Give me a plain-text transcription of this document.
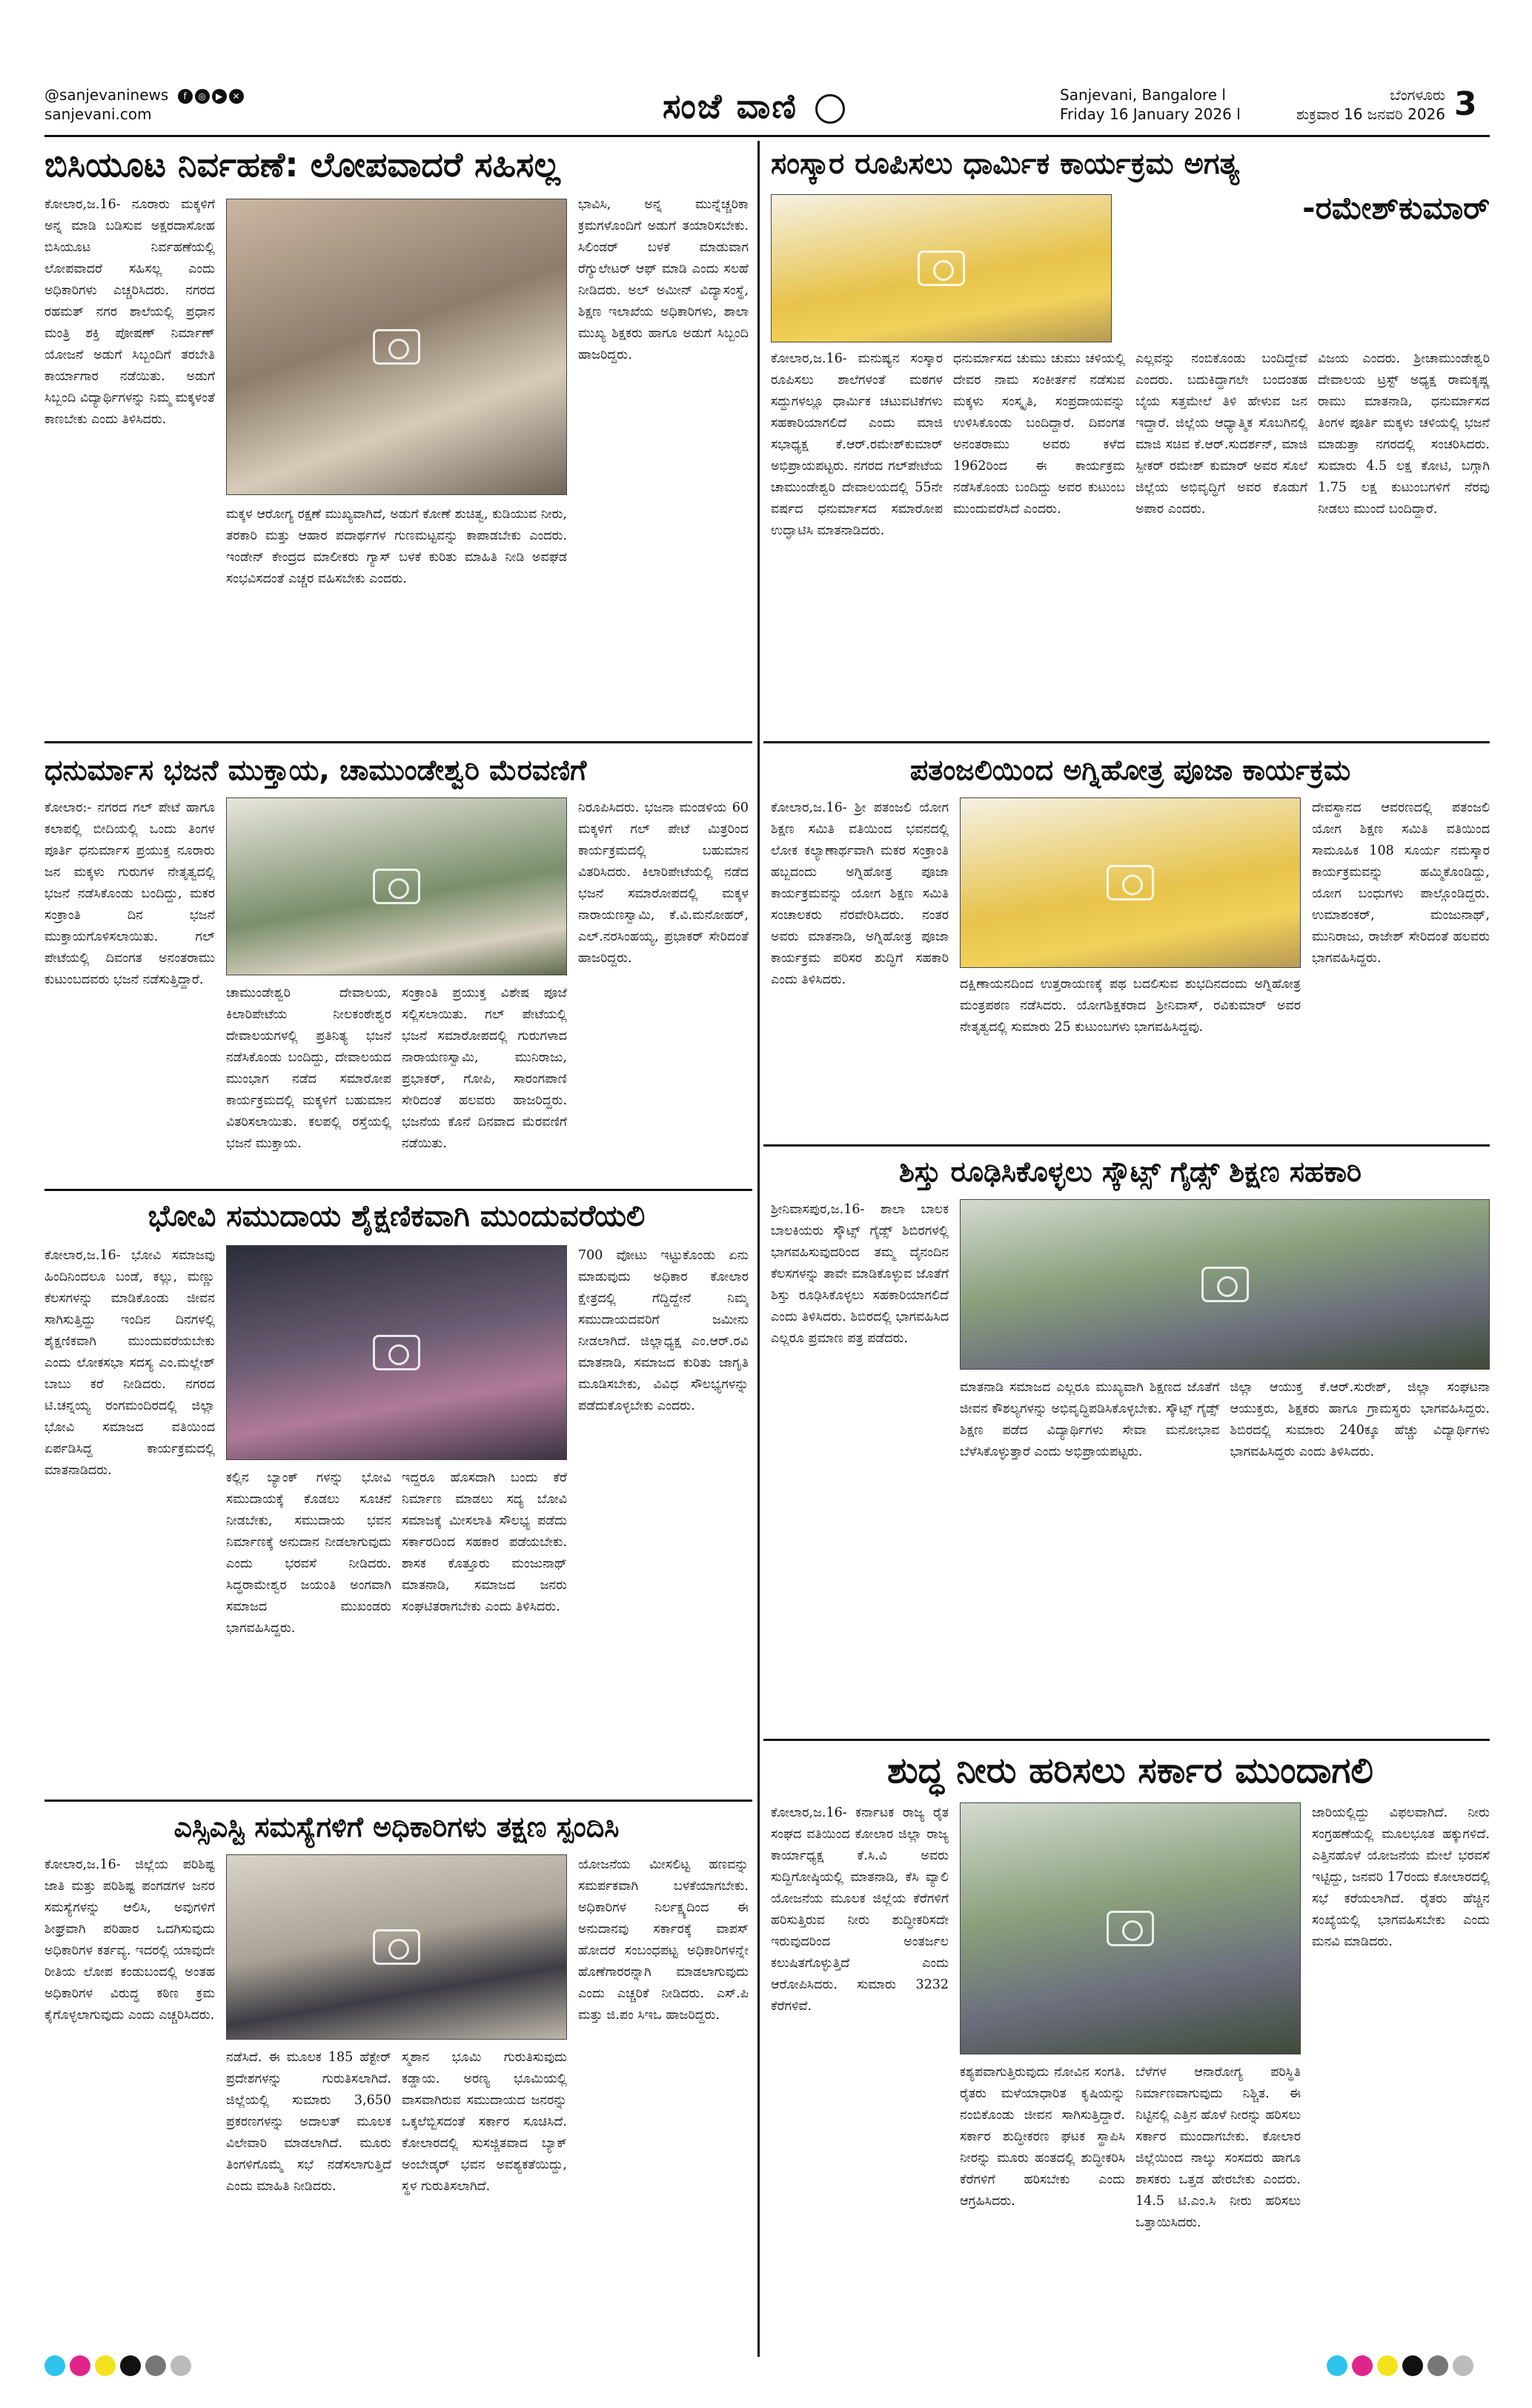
@sanjevaninews f ◎ ▶ ✕
sanjevani.com	ಸಂಜೆ ವಾಣಿ	Sanjevani, Bangalore l	ಬೆಂಗಳೂರು
Friday 16 January 2026 l	ಶುಕ್ರವಾರ 16 ಜನವರಿ 2026 3
ಬಿಸಿಯೂಟ ನಿರ್ವಹಣೆ: ಲೋಪವಾದರೆ ಸಹಿಸಲ್ಲ
ಕೋಲಾರ,ಜ.16- ನೂರಾರು ಮಕ್ಕಳಿಗೆ ಅನ್ನ ಮಾಡಿ ಬಡಿಸುವ ಅಕ್ಷರದಾಸೋಹ ಬಿಸಿಯೂಟ ನಿರ್ವಹಣೆಯಲ್ಲಿ ಲೋಪವಾದರೆ ಸಹಿಸಲ್ಲ ಎಂದು ಅಧಿಕಾರಿಗಳು ಎಚ್ಚರಿಸಿದರು. ನಗರದ ರಹಮತ್ ನಗರ ಶಾಲೆಯಲ್ಲಿ ಪ್ರಧಾನ ಮಂತ್ರಿ ಶಕ್ತಿ ಪೋಷಣ್ ನಿರ್ಮಾಣ್ ಯೋಜನೆ ಅಡುಗೆ ಸಿಬ್ಬಂದಿಗೆ ತರಬೇತಿ ಕಾರ್ಯಾಗಾರ ನಡೆಯಿತು. ಅಡುಗೆ ಸಿಬ್ಬಂದಿ ವಿದ್ಯಾರ್ಥಿಗಳನ್ನು ನಿಮ್ಮ ಮಕ್ಕಳಂತೆ ಕಾಣಬೇಕು ಎಂದು ತಿಳಿಸಿದರು.
ಮಕ್ಕಳ ಆರೋಗ್ಯ ರಕ್ಷಣೆ ಮುಖ್ಯವಾಗಿದೆ, ಅಡುಗೆ ಕೋಣೆ ಶುಚಿತ್ವ, ಕುಡಿಯುವ ನೀರು, ತರಕಾರಿ ಮತ್ತು ಆಹಾರ ಪದಾರ್ಥಗಳ ಗುಣಮಟ್ಟವನ್ನು ಕಾಪಾಡಬೇಕು ಎಂದರು. ಇಂಡೇನ್ ಕೇಂದ್ರದ ಮಾಲೀಕರು ಗ್ಯಾಸ್ ಬಳಕೆ ಕುರಿತು ಮಾಹಿತಿ ನೀಡಿ ಅವಘಡ ಸಂಭವಿಸದಂತೆ ಎಚ್ಚರ ವಹಿಸಬೇಕು ಎಂದರು.
ಭಾವಿಸಿ, ಅನ್ನ ಮುನ್ನೆಚ್ಚರಿಕಾ ಕ್ರಮಗಳೊಂದಿಗೆ ಅಡುಗೆ ತಯಾರಿಸಬೇಕು. ಸಿಲಿಂಡರ್ ಬಳಕೆ ಮಾಡುವಾಗ ರೆಗ್ಯುಲೇಟರ್ ಆಫ್ ಮಾಡಿ ಎಂದು ಸಲಹೆ ನೀಡಿದರು. ಅಲ್ ಅಮೀನ್ ವಿದ್ಯಾಸಂಸ್ಥೆ, ಶಿಕ್ಷಣ ಇಲಾಖೆಯ ಅಧಿಕಾರಿಗಳು, ಶಾಲಾ ಮುಖ್ಯ ಶಿಕ್ಷಕರು ಹಾಗೂ ಅಡುಗೆ ಸಿಬ್ಬಂದಿ ಹಾಜರಿದ್ದರು.
ಸಂಸ್ಕಾರ ರೂಪಿಸಲು ಧಾರ್ಮಿಕ ಕಾರ್ಯಕ್ರಮ ಅಗತ್ಯ
-ರಮೇಶ್‌ಕುಮಾರ್
ಕೋಲಾರ,ಜ.16- ಮನುಷ್ಯನ ಸಂಸ್ಕಾರ ರೂಪಿಸಲು ಶಾಲೆಗಳಂತೆ ಮಠಗಳ ಸದ್ದುಗಳಲ್ಲೂ ಧಾರ್ಮಿಕ ಚಟುವಟಿಕೆಗಳು ಸಹಕಾರಿಯಾಗಲಿದೆ ಎಂದು ಮಾಜಿ ಸಭಾಧ್ಯಕ್ಷ ಕೆ.ಆರ್.ರಮೇಶ್‌ಕುಮಾರ್ ಅಭಿಪ್ರಾಯಪಟ್ಟರು. ನಗರದ ಗಲ್‌ಪೇಟೆಯ ಚಾಮುಂಡೇಶ್ವರಿ ದೇವಾಲಯದಲ್ಲಿ 55ನೇ ವರ್ಷದ ಧನುರ್ಮಾಸದ ಸಮಾರೋಪ ಉದ್ಘಾಟಿಸಿ ಮಾತನಾಡಿದರು.
ಧನುರ್ಮಾಸದ ಚುಮು ಚುಮು ಚಳಿಯಲ್ಲಿ ದೇವರ ನಾಮ ಸಂಕೀರ್ತನೆ ನಡೆಸುವ ಮಕ್ಕಳು ಸಂಸ್ಕೃತಿ, ಸಂಪ್ರದಾಯವನ್ನು ಉಳಿಸಿಕೊಂಡು ಬಂದಿದ್ದಾರೆ. ದಿವಂಗತ ಅನಂತರಾಮು ಅವರು ಕಳೆದ 1962ರಿಂದ ಈ ಕಾರ್ಯಕ್ರಮ ನಡೆಸಿಕೊಂಡು ಬಂದಿದ್ದು ಅವರ ಕುಟುಂಬ ಮುಂದುವರೆಸಿದೆ ಎಂದರು.
ಎಲ್ಲವನ್ನು ನಂಬಿಕೊಂಡು ಬಂದಿದ್ದೇವೆ ಎಂದರು. ಬದುಕಿದ್ದಾಗಲೇ ಬಂದಂತಹ ಬೈಯ ಸತ್ತಮೇಲೆ ತಿಳಿ ಹೇಳುವ ಜನ ಇದ್ದಾರೆ. ಜಿಲ್ಲೆಯ ಆಧ್ಯಾತ್ಮಿಕ ಸೊಬಗಿನಲ್ಲಿ ಮಾಜಿ ಸಚಿವ ಕೆ.ಆರ್.ಸುದರ್ಶನ್, ಮಾಜಿ ಸ್ಪೀಕರ್ ರಮೇಶ್ ಕುಮಾರ್ ಅವರ ಸೊಲೆ ಜಿಲ್ಲೆಯ ಅಭಿವೃದ್ಧಿಗೆ ಅವರ ಕೊಡುಗೆ ಅಪಾರ ಎಂದರು.
ವಿಜಯ ಎಂದರು. ಶ್ರೀಚಾಮುಂಡೇಶ್ವರಿ ದೇವಾಲಯ ಟ್ರಸ್ಟ್ ಅಧ್ಯಕ್ಷ ರಾಮಕೃಷ್ಣ ರಾಮು ಮಾತನಾಡಿ, ಧನುರ್ಮಾಸದ ತಿಂಗಳ ಪೂರ್ತಿ ಮಕ್ಕಳು ಚಳಿಯಲ್ಲಿ ಭಜನೆ ಮಾಡುತ್ತಾ ನಗರದಲ್ಲಿ ಸಂಚರಿಸಿದರು. ಸುಮಾರು 4.5 ಲಕ್ಷ ಕೋಟಿ, ಬಗ್ಗಾಗಿ 1.75 ಲಕ್ಷ ಕುಟುಂಬಗಳಿಗೆ ನೆರವು ನೀಡಲು ಮುಂದೆ ಬಂದಿದ್ದಾರೆ.
ಧನುರ್ಮಾಸ ಭಜನೆ ಮುಕ್ತಾಯ, ಚಾಮುಂಡೇಶ್ವರಿ ಮೆರವಣಿಗೆ
ಕೋಲಾರ:- ನಗರದ ಗಲ್ ಪೇಟೆ ಹಾಗೂ ಕಲಾಪಲ್ಲಿ ಬೀದಿಯಲ್ಲಿ ಒಂದು ತಿಂಗಳ ಪೂರ್ತಿ ಧನುರ್ಮಾಸ ಪ್ರಯುಕ್ತ ನೂರಾರು ಜನ ಮಕ್ಕಳು ಗುರುಗಳ ನೇತೃತ್ವದಲ್ಲಿ ಭಜನೆ ನಡೆಸಿಕೊಂಡು ಬಂದಿದ್ದು, ಮಕರ ಸಂಕ್ರಾಂತಿ ದಿನ ಭಜನೆ ಮುಕ್ತಾಯಗೊಳಿಸಲಾಯಿತು. ಗಲ್ ಪೇಟೆಯಲ್ಲಿ ದಿವಂಗತ ಅನಂತರಾಮು ಕುಟುಂಬದವರು ಭಜನೆ ನಡೆಸುತ್ತಿದ್ದಾರೆ.
ಚಾಮುಂಡೇಶ್ವರಿ ದೇವಾಲಯ, ಕಿಲಾರಿಪೇಟೆಯ ನೀಲಕಂಠೇಶ್ವರ ದೇವಾಲಯಗಳಲ್ಲಿ ಪ್ರತಿನಿತ್ಯ ಭಜನೆ ನಡೆಸಿಕೊಂಡು ಬಂದಿದ್ದು, ದೇವಾಲಯದ ಮುಂಭಾಗ ನಡೆದ ಸಮಾರೋಪ ಕಾರ್ಯಕ್ರಮದಲ್ಲಿ ಮಕ್ಕಳಿಗೆ ಬಹುಮಾನ ವಿತರಿಸಲಾಯಿತು. ಕಲಪಲ್ಲಿ ರಸ್ತೆಯಲ್ಲಿ ಭಜನೆ ಮುಕ್ತಾಯ.
ಸಂಕ್ರಾಂತಿ ಪ್ರಯುಕ್ತ ವಿಶೇಷ ಪೂಜೆ ಸಲ್ಲಿಸಲಾಯಿತು. ಗಲ್ ಪೇಟೆಯಲ್ಲಿ ಭಜನೆ ಸಮಾರೋಪದಲ್ಲಿ ಗುರುಗಳಾದ ನಾರಾಯಣಸ್ವಾಮಿ, ಮುನಿರಾಜು, ಪ್ರಭಾಕರ್, ಗೋಪಿ, ಸಾರಂಗಪಾಣಿ ಸೇರಿದಂತೆ ಹಲವರು ಹಾಜರಿದ್ದರು. ಭಜನೆಯ ಕೊನೆ ದಿನವಾದ ಮೆರವಣಿಗೆ ನಡೆಯಿತು.
ನಿರೂಪಿಸಿದರು. ಭಜನಾ ಮಂಡಳಿಯ 60 ಮಕ್ಕಳಿಗೆ ಗಲ್ ಪೇಟೆ ಮಿತ್ರರಿಂದ ಕಾರ್ಯಕ್ರಮದಲ್ಲಿ ಬಹುಮಾನ ವಿತರಿಸಿದರು. ಕಿಲಾರಿಪೇಟೆಯಲ್ಲಿ ನಡೆದ ಭಜನೆ ಸಮಾರೋಪದಲ್ಲಿ ಮಕ್ಕಳ ನಾರಾಯಣಸ್ವಾಮಿ, ಕೆ.ವಿ.ಮನೋಹರ್, ಎಲ್.ನರಸಿಂಹಯ್ಯ, ಪ್ರಭಾಕರ್ ಸೇರಿದಂತೆ ಹಾಜರಿದ್ದರು.
ಪತಂಜಲಿಯಿಂದ ಅಗ್ನಿಹೋತ್ರ ಪೂಜಾ ಕಾರ್ಯಕ್ರಮ
ಕೋಲಾರ,ಜ.16- ಶ್ರೀ ಪತಂಜಲಿ ಯೋಗ ಶಿಕ್ಷಣ ಸಮಿತಿ ವತಿಯಿಂದ ಭವನದಲ್ಲಿ ಲೋಕ ಕಲ್ಯಾಣಾರ್ಥವಾಗಿ ಮಕರ ಸಂಕ್ರಾಂತಿ ಹಬ್ಬದಂದು ಅಗ್ನಿಹೋತ್ರ ಪೂಜಾ ಕಾರ್ಯಕ್ರಮವನ್ನು ಯೋಗ ಶಿಕ್ಷಣ ಸಮಿತಿ ಸಂಚಾಲಕರು ನೆರವೇರಿಸಿದರು. ನಂತರ ಅವರು ಮಾತನಾಡಿ, ಅಗ್ನಿಹೋತ್ರ ಪೂಜಾ ಕಾರ್ಯಕ್ರಮ ಪರಿಸರ ಶುದ್ಧಿಗೆ ಸಹಕಾರಿ ಎಂದು ತಿಳಿಸಿದರು.	ದಕ್ಷಿಣಾಯನದಿಂದ ಉತ್ತರಾಯಣಕ್ಕೆ ಪಥ ಬದಲಿಸುವ ಶುಭದಿನದಂದು ಅಗ್ನಿಹೋತ್ರ ಮಂತ್ರಪಠಣ ನಡೆಸಿದರು. ಯೋಗಶಿಕ್ಷಕರಾದ ಶ್ರೀನಿವಾಸ್, ರವಿಕುಮಾರ್ ಅವರ ನೇತೃತ್ವದಲ್ಲಿ ಸುಮಾರು 25 ಕುಟುಂಬಗಳು ಭಾಗವಹಿಸಿದ್ದವು.
ದೇವಸ್ಥಾನದ ಆವರಣದಲ್ಲಿ ಪತಂಜಲಿ ಯೋಗ ಶಿಕ್ಷಣ ಸಮಿತಿ ವತಿಯಿಂದ ಸಾಮೂಹಿಕ 108 ಸೂರ್ಯ ನಮಸ್ಕಾರ ಕಾರ್ಯಕ್ರಮವನ್ನು ಹಮ್ಮಿಕೊಂಡಿದ್ದು, ಯೋಗ ಬಂಧುಗಳು ಪಾಲ್ಗೊಂಡಿದ್ದರು. ಉಮಾಶಂಕರ್, ಮಂಜುನಾಥ್, ಮುನಿರಾಜು, ರಾಜೇಶ್ ಸೇರಿದಂತೆ ಹಲವರು ಭಾಗವಹಿಸಿದ್ದರು.
ಶಿಸ್ತು ರೂಢಿಸಿಕೊಳ್ಳಲು ಸ್ಕೌಟ್ಸ್ ಗೈಡ್ಸ್ ಶಿಕ್ಷಣ ಸಹಕಾರಿ
ಶ್ರೀನಿವಾಸಪುರ,ಜ.16- ಶಾಲಾ ಬಾಲಕ ಬಾಲಕಿಯರು ಸ್ಕೌಟ್ಸ್ ಗೈಡ್ಸ್ ಶಿಬಿರಗಳಲ್ಲಿ ಭಾಗವಹಿಸುವುದರಿಂದ ತಮ್ಮ ದೈನಂದಿನ ಕೆಲಸಗಳನ್ನು ತಾವೇ ಮಾಡಿಕೊಳ್ಳುವ ಜೊತೆಗೆ ಶಿಸ್ತು ರೂಢಿಸಿಕೊಳ್ಳಲು ಸಹಕಾರಿಯಾಗಲಿದೆ ಎಂದು ತಿಳಿಸಿದರು. ಶಿಬಿರದಲ್ಲಿ ಭಾಗವಹಿಸಿದ ಎಲ್ಲರೂ ಪ್ರಮಾಣ ಪತ್ರ ಪಡೆದರು.
ಮಾತನಾಡಿ ಸಮಾಜದ ಎಲ್ಲರೂ ಮುಖ್ಯವಾಗಿ ಶಿಕ್ಷಣದ ಜೊತೆಗೆ ಜೀವನ ಕೌಶಲ್ಯಗಳನ್ನು ಅಭಿವೃದ್ಧಿಪಡಿಸಿಕೊಳ್ಳಬೇಕು. ಸ್ಕೌಟ್ಸ್ ಗೈಡ್ಸ್ ಶಿಕ್ಷಣ ಪಡೆದ ವಿದ್ಯಾರ್ಥಿಗಳು ಸೇವಾ ಮನೋಭಾವ ಬೆಳೆಸಿಕೊಳ್ಳುತ್ತಾರೆ ಎಂದು ಅಭಿಪ್ರಾಯಪಟ್ಟರು.
ಜಿಲ್ಲಾ ಆಯುಕ್ತ ಕೆ.ಆರ್.ಸುರೇಶ್, ಜಿಲ್ಲಾ ಸಂಘಟನಾ ಆಯುಕ್ತರು, ಶಿಕ್ಷಕರು ಹಾಗೂ ಗ್ರಾಮಸ್ಥರು ಭಾಗವಹಿಸಿದ್ದರು. ಶಿಬಿರದಲ್ಲಿ ಸುಮಾರು 240ಕ್ಕೂ ಹೆಚ್ಚು ವಿದ್ಯಾರ್ಥಿಗಳು ಭಾಗವಹಿಸಿದ್ದರು ಎಂದು ತಿಳಿಸಿದರು.
ಭೋವಿ ಸಮುದಾಯ ಶೈಕ್ಷಣಿಕವಾಗಿ ಮುಂದುವರೆಯಲಿ
ಕೋಲಾರ,ಜ.16- ಭೋವಿ ಸಮಾಜವು ಹಿಂದಿನಿಂದಲೂ ಬಂಡೆ, ಕಲ್ಲು, ಮಣ್ಣು ಕೆಲಸಗಳನ್ನು ಮಾಡಿಕೊಂಡು ಜೀವನ ಸಾಗಿಸುತ್ತಿದ್ದು ಇಂದಿನ ದಿನಗಳಲ್ಲಿ ಶೈಕ್ಷಣಿಕವಾಗಿ ಮುಂದುವರೆಯಬೇಕು ಎಂದು ಲೋಕಸಭಾ ಸದಸ್ಯ ಎಂ.ಮಲ್ಲೇಶ್ ಬಾಬು ಕರೆ ನೀಡಿದರು. ನಗರದ ಟಿ.ಚನ್ನಯ್ಯ ರಂಗಮಂದಿರದಲ್ಲಿ ಜಿಲ್ಲಾ ಭೋವಿ ಸಮಾಜದ ವತಿಯಿಂದ ಏರ್ಪಡಿಸಿದ್ದ ಕಾರ್ಯಕ್ರಮದಲ್ಲಿ ಮಾತನಾಡಿದರು.	ಕಲ್ಲಿನ ಬ್ಯಾಂಕ್ ಗಳನ್ನು ಭೋವಿ ಸಮುದಾಯಕ್ಕೆ ಕೊಡಲು ಸೂಚನೆ ನೀಡಬೇಕು, ಸಮುದಾಯ ಭವನ ನಿರ್ಮಾಣಕ್ಕೆ ಅನುದಾನ ನೀಡಲಾಗುವುದು ಎಂದು ಭರವಸೆ ನೀಡಿದರು. ಸಿದ್ಧರಾಮೇಶ್ವರ ಜಯಂತಿ ಅಂಗವಾಗಿ ಸಮಾಜದ ಮುಖಂಡರು ಭಾಗವಹಿಸಿದ್ದರು.
ಇದ್ದರೂ ಹೊಸದಾಗಿ ಬಂದು ಕೆರೆ ನಿರ್ಮಾಣ ಮಾಡಲು ಸದ್ಯ ಬೋವಿ ಸಮಾಜಕ್ಕೆ ಮೀಸಲಾತಿ ಸೌಲಭ್ಯ ಪಡೆದು ಸರ್ಕಾರದಿಂದ ಸಹಕಾರ ಪಡೆಯಬೇಕು. ಶಾಸಕ ಕೊತ್ತೂರು ಮಂಜುನಾಥ್ ಮಾತನಾಡಿ, ಸಮಾಜದ ಜನರು ಸಂಘಟಿತರಾಗಬೇಕು ಎಂದು ತಿಳಿಸಿದರು.
700 ವೋಟು ಇಟ್ಟುಕೊಂಡು ಏನು ಮಾಡುವುದು ಅಧಿಕಾರ ಕೋಲಾರ ಕ್ಷೇತ್ರದಲ್ಲಿ ಗೆದ್ದಿದ್ದೇನೆ ನಿಮ್ಮ ಸಮುದಾಯದವರಿಗೆ ಜಮೀನು ನೀಡಲಾಗಿದೆ. ಜಿಲ್ಲಾಧ್ಯಕ್ಷ ಎಂ.ಆರ್.ರವಿ ಮಾತನಾಡಿ, ಸಮಾಜದ ಕುರಿತು ಜಾಗೃತಿ ಮೂಡಿಸಬೇಕು, ವಿವಿಧ ಸೌಲಭ್ಯಗಳನ್ನು ಪಡೆದುಕೊಳ್ಳಬೇಕು ಎಂದರು.
ಎಸ್ಸಿಎಸ್ಟಿ ಸಮಸ್ಯೆಗಳಿಗೆ ಅಧಿಕಾರಿಗಳು ತಕ್ಷಣ ಸ್ಪಂದಿಸಿ
ಕೋಲಾರ,ಜ.16- ಜಿಲ್ಲೆಯ ಪರಿಶಿಷ್ಟ ಜಾತಿ ಮತ್ತು ಪರಿಶಿಷ್ಟ ಪಂಗಡಗಳ ಜನರ ಸಮಸ್ಯೆಗಳನ್ನು ಆಲಿಸಿ, ಅವುಗಳಿಗೆ ಶೀಘ್ರವಾಗಿ ಪರಿಹಾರ ಒದಗಿಸುವುದು ಅಧಿಕಾರಿಗಳ ಕರ್ತವ್ಯ. ಇದರಲ್ಲಿ ಯಾವುದೇ ರೀತಿಯ ಲೋಪ ಕಂಡುಬಂದಲ್ಲಿ ಅಂತಹ ಅಧಿಕಾರಿಗಳ ವಿರುದ್ಧ ಕಠಿಣ ಕ್ರಮ ಕೈಗೊಳ್ಳಲಾಗುವುದು ಎಂದು ಎಚ್ಚರಿಸಿದರು.
ನಡೆಸಿದೆ. ಈ ಮೂಲಕ 185 ಹೆಕ್ಟೇರ್ ಪ್ರದೇಶಗಳನ್ನು ಗುರುತಿಸಲಾಗಿದೆ. ಜಿಲ್ಲೆಯಲ್ಲಿ ಸುಮಾರು 3,650 ಪ್ರಕರಣಗಳನ್ನು ಅದಾಲತ್ ಮೂಲಕ ವಿಲೇವಾರಿ ಮಾಡಲಾಗಿದೆ. ಮೂರು ತಿಂಗಳಿಗೊಮ್ಮೆ ಸಭೆ ನಡೆಸಲಾಗುತ್ತಿದೆ ಎಂದು ಮಾಹಿತಿ ನೀಡಿದರು.
ಸ್ಮಶಾನ ಭೂಮಿ ಗುರುತಿಸುವುದು ಕಡ್ಡಾಯ. ಅರಣ್ಯ ಭೂಮಿಯಲ್ಲಿ ವಾಸವಾಗಿರುವ ಸಮುದಾಯದ ಜನರನ್ನು ಒಕ್ಕಲೆಬ್ಬಿಸದಂತೆ ಸರ್ಕಾರ ಸೂಚಿಸಿದೆ. ಕೋಲಾರದಲ್ಲಿ ಸುಸಜ್ಜಿತವಾದ ಬ್ಯಾಕ್ ಅಂಬೇಡ್ಕರ್ ಭವನ ಅವಶ್ಯಕತೆಯಿದ್ದು, ಸ್ಥಳ ಗುರುತಿಸಲಾಗಿದೆ.
ಯೋಜನೆಯ ಮೀಸಲಿಟ್ಟ ಹಣವನ್ನು ಸಮರ್ಪಕವಾಗಿ ಬಳಕೆಯಾಗಬೇಕು. ಅಧಿಕಾರಿಗಳ ನಿರ್ಲಕ್ಷ್ಯದಿಂದ ಈ ಅನುದಾನವು ಸರ್ಕಾರಕ್ಕೆ ವಾಪಸ್ ಹೋದರೆ ಸಂಬಂಧಪಟ್ಟ ಅಧಿಕಾರಿಗಳನ್ನೇ ಹೊಣೆಗಾರರನ್ನಾಗಿ ಮಾಡಲಾಗುವುದು ಎಂದು ಎಚ್ಚರಿಕೆ ನೀಡಿದರು. ಎಸ್.ಪಿ ಮತ್ತು ಜಿ.ಪಂ ಸಿಇಒ ಹಾಜರಿದ್ದರು.
ಶುದ್ಧ ನೀರು ಹರಿಸಲು ಸರ್ಕಾರ ಮುಂದಾಗಲಿ
ಕೋಲಾರ,ಜ.16- ಕರ್ನಾಟಕ ರಾಜ್ಯ ರೈತ ಸಂಘದ ವತಿಯಿಂದ ಕೋಲಾರ ಜಿಲ್ಲಾ ರಾಜ್ಯ ಕಾರ್ಯಾಧ್ಯಕ್ಷ ಕೆ.ಸಿ.ವಿ ಅವರು ಸುದ್ದಿಗೋಷ್ಠಿಯಲ್ಲಿ ಮಾತನಾಡಿ, ಕೆಸಿ ವ್ಯಾಲಿ ಯೋಜನೆಯ ಮೂಲಕ ಜಿಲ್ಲೆಯ ಕೆರೆಗಳಿಗೆ ಹರಿಸುತ್ತಿರುವ ನೀರು ಶುದ್ಧೀಕರಿಸದೇ ಇರುವುದರಿಂದ ಅಂತರ್ಜಲ ಕಲುಷಿತಗೊಳ್ಳುತ್ತಿದೆ ಎಂದು ಆರೋಪಿಸಿದರು. ಸುಮಾರು 3232 ಕೆರೆಗಳಿವೆ.
ಕಶ್ಯಪವಾಗುತ್ತಿರುವುದು ನೋವಿನ ಸಂಗತಿ. ರೈತರು ಮಳೆಯಾಧಾರಿತ ಕೃಷಿಯನ್ನು ನಂಬಿಕೊಂಡು ಜೀವನ ಸಾಗಿಸುತ್ತಿದ್ದಾರೆ. ಸರ್ಕಾರ ಶುದ್ಧೀಕರಣ ಘಟಕ ಸ್ಥಾಪಿಸಿ ನೀರನ್ನು ಮೂರು ಹಂತದಲ್ಲಿ ಶುದ್ಧೀಕರಿಸಿ ಕೆರೆಗಳಿಗೆ ಹರಿಸಬೇಕು ಎಂದು ಆಗ್ರಹಿಸಿದರು.
ಬೆಳೆಗಳ ಆನಾರೋಗ್ಯ ಪರಿಸ್ಥಿತಿ ನಿರ್ಮಾಣವಾಗುವುದು ನಿಶ್ಚಿತ. ಈ ನಿಟ್ಟಿನಲ್ಲಿ ಎತ್ತಿನ ಹೊಳೆ ನೀರನ್ನು ಹರಿಸಲು ಸರ್ಕಾರ ಮುಂದಾಗಬೇಕು. ಕೋಲಾರ ಜಿಲ್ಲೆಯಿಂದ ನಾಲ್ಕು ಸಂಸದರು ಹಾಗೂ ಶಾಸಕರು ಒತ್ತಡ ಹೇರಬೇಕು ಎಂದರು. 14.5 ಟಿ.ಎಂ.ಸಿ ನೀರು ಹರಿಸಲು ಒತ್ತಾಯಿಸಿದರು.
ಜಾರಿಯಲ್ಲಿದ್ದು ವಿಫಲವಾಗಿದೆ. ನೀರು ಸಂಗ್ರಹಣೆಯಲ್ಲಿ ಮೂಲಭೂತ ಹಕ್ಕುಗಳಿದೆ. ಎತ್ತಿನಹೊಳೆ ಯೋಜನೆಯ ಮೇಲೆ ಭರವಸೆ ಇಟ್ಟಿದ್ದು, ಜನವರಿ 17ರಂದು ಕೋಲಾರದಲ್ಲಿ ಸಭೆ ಕರೆಯಲಾಗಿದೆ. ರೈತರು ಹೆಚ್ಚಿನ ಸಂಖ್ಯೆಯಲ್ಲಿ ಭಾಗವಹಿಸಬೇಕು ಎಂದು ಮನವಿ ಮಾಡಿದರು.
